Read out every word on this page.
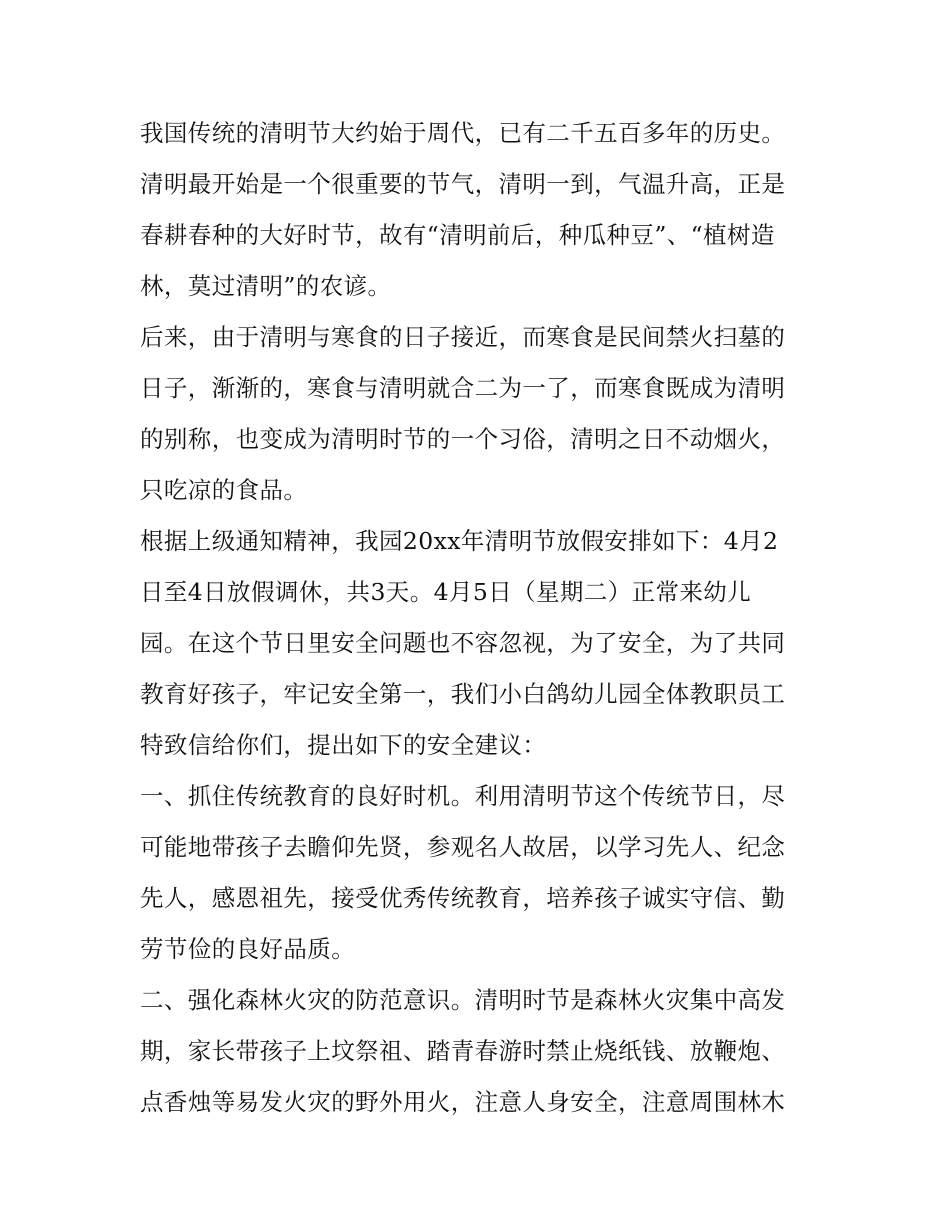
我国传统的清明节大约始于周代，已有二千五百多年的历史。
清明最开始是一个很重要的节气，清明一到，气温升高，正是
春耕春种的大好时节，故有“清明前后，种瓜种豆”、“植树造
林，莫过清明”的农谚。
后来，由于清明与寒食的日子接近，而寒食是民间禁火扫墓的
日子，渐渐的，寒食与清明就合二为一了，而寒食既成为清明
的别称，也变成为清明时节的一个习俗，清明之日不动烟火，
只吃凉的食品。
根据上级通知精神，我园20xx年清明节放假安排如下：4月2
日至4日放假调休，共3天。4月5日（星期二）正常来幼儿
园。在这个节日里安全问题也不容忽视，为了安全，为了共同
教育好孩子，牢记安全第一，我们小白鸽幼儿园全体教职员工
特致信给你们，提出如下的安全建议：
一、抓住传统教育的良好时机。利用清明节这个传统节日，尽
可能地带孩子去瞻仰先贤，参观名人故居，以学习先人、纪念
先人，感恩祖先，接受优秀传统教育，培养孩子诚实守信、勤
劳节俭的良好品质。
二、强化森林火灾的防范意识。清明时节是森林火灾集中高发
期，家长带孩子上坟祭祖、踏青春游时禁止烧纸钱、放鞭炮、
点香烛等易发火灾的野外用火，注意人身安全，注意周围林木
